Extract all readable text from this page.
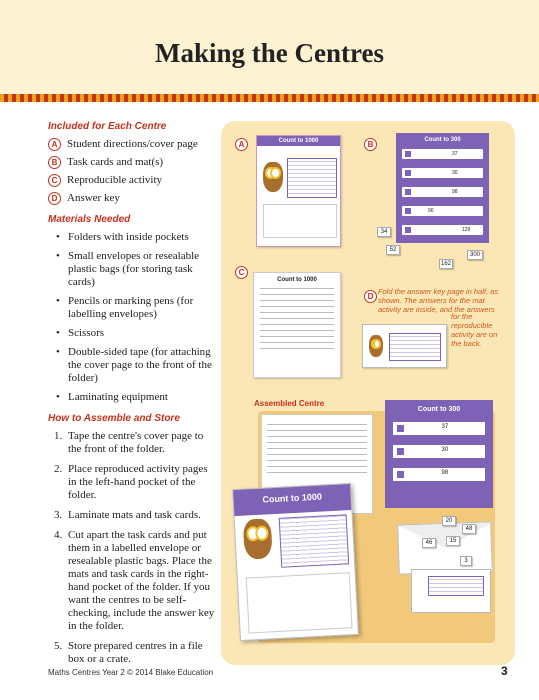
Making the Centres
Included for Each Centre
A Student directions/cover page
B Task cards and mat(s)
C Reproducible activity
D Answer key
Materials Needed
• Folders with inside pockets
• Small envelopes or resealable plastic bags (for storing task cards)
• Pencils or marking pens (for labelling envelopes)
• Scissors
• Double-sided tape (for attaching the cover page to the front of the folder)
• Laminating equipment
How to Assemble and Store
1. Tape the centre's cover page to the front of the folder.
2. Place reproduced activity pages in the left-hand pocket of the folder.
3. Laminate mats and task cards.
4. Cut apart the task cards and put them in a labelled envelope or resealable plastic bags. Place the mats and task cards in the right-hand pocket of the folder. If you want the centres to be self-checking, include the answer key in the folder.
5. Store prepared centres in a file box or a crate.
A	Count to 1000	B	Count to 300
37
30
98
90
129
34
52
162
300
C
Count to 1000
D
Fold the answer key page in half, as shown. The answers for the mat activity are inside, and the answers
for the reproducible activity are on the back.
Assembled Centre
Count to 300
37
30
98
Count to 1000
20
46	15
48
3
Maths Centres Year 2 © 2014 Blake Education	3
